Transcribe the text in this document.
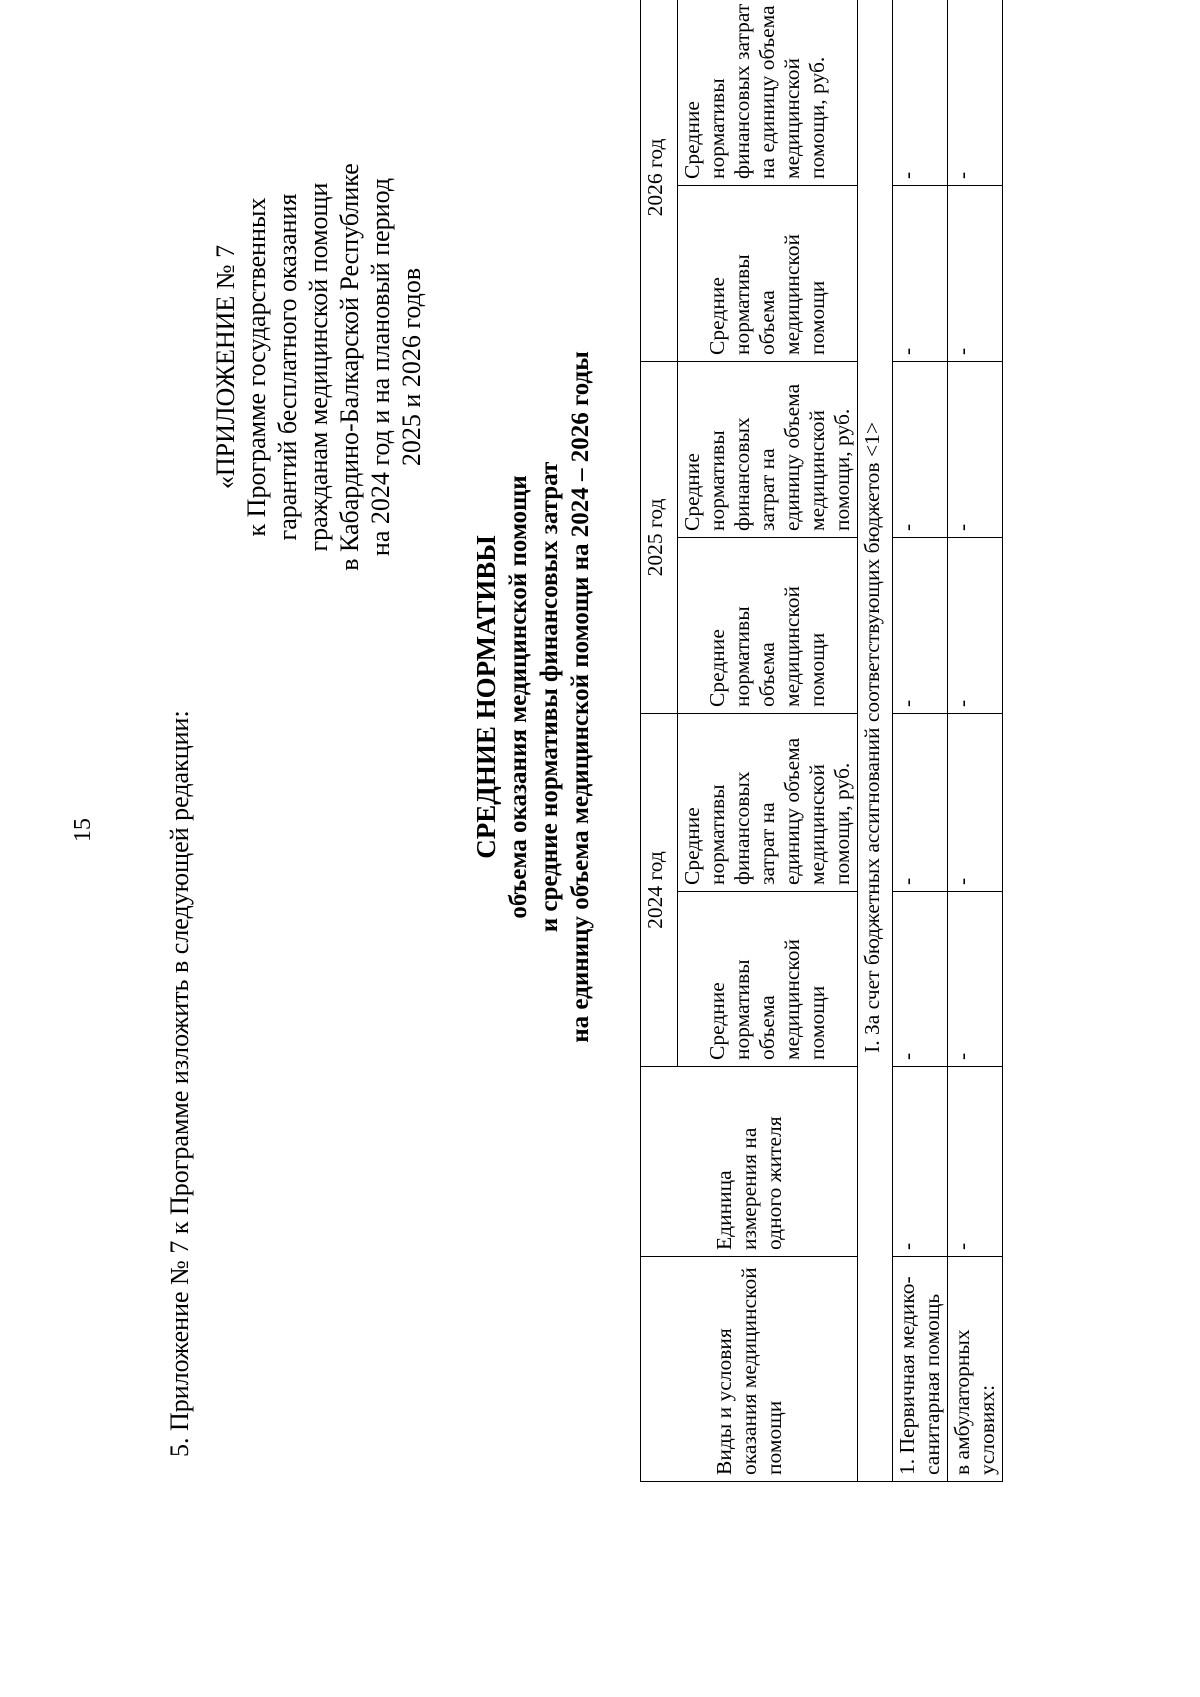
15	5. Приложение № 7 к Программе изложить в следующей редакции:
«ПРИЛОЖЕНИЕ № 7 к Программе государственных гарантий бесплатного оказания гражданам медицинской помощи в Кабардино-Балкарской Республике на 2024 год и на плановый период 2025 и 2026 годов
СРЕДНИЕ НОРМАТИВЫ объема оказания медицинской помощи и средние нормативы финансовых затрат на единицу объема медицинской помощи на 2024 – 2026 годы
Виды и условия оказания медицинской помощи	Единица измерения на одного жителя	2024 год		2025 год		2026 год	
		Средние нормативы объема медицинской помощи	Средние нормативы финансовых затрат на единицу объема медицинской помощи, руб.	Средние нормативы объема медицинской помощи	Средние нормативы финансовых затрат на единицу объема медицинской помощи, руб.	Средние нормативы объема медицинской помощи	Средние нормативы финансовых затрат на единицу объема медицинской помощи, руб.
I. За счет бюджетных ассигнований соответствующих бюджетов <1>							
1. Первичная медико-санитарная помощь	-	-	-	-	-	-	-
в амбулаторных условиях:	-	-	-	-	-	-	-
